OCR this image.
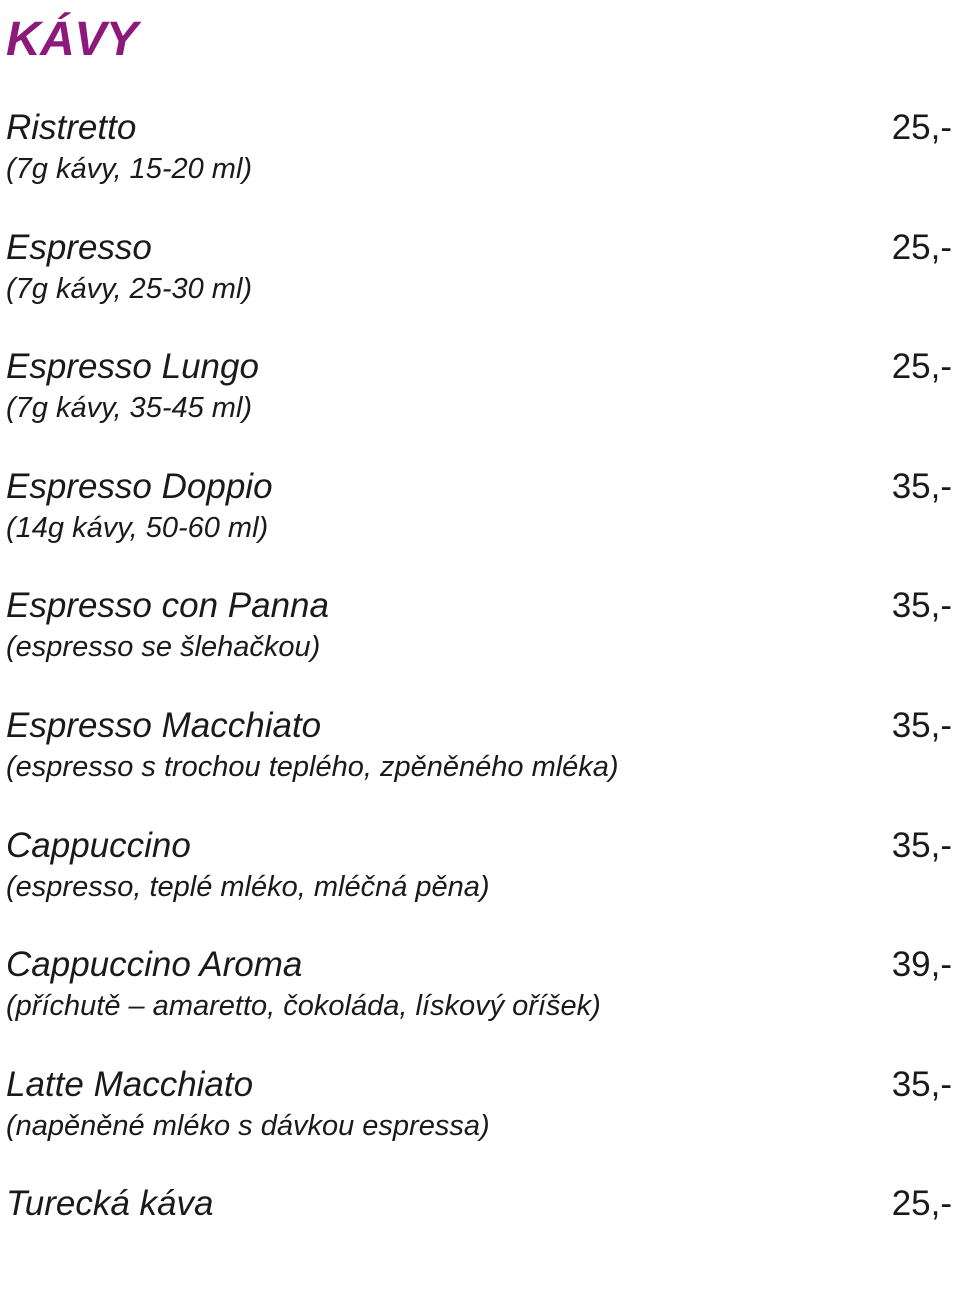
KÁVY
Ristretto	25,-
(7g kávy, 15-20 ml)
Espresso	25,-
(7g kávy, 25-30 ml)
Espresso Lungo	25,-
(7g kávy, 35-45 ml)
Espresso Doppio	35,-
(14g kávy, 50-60 ml)
Espresso con Panna	35,-
(espresso se šlehačkou)
Espresso Macchiato	35,-
(espresso s trochou teplého, zpěněného mléka)
Cappuccino	35,-
(espresso, teplé mléko, mléčná pěna)
Cappuccino Aroma	39,-
(příchutě – amaretto, čokoláda, lískový oříšek)
Latte Macchiato	35,-
(napěněné mléko s dávkou espressa)
Turecká káva	25,-
